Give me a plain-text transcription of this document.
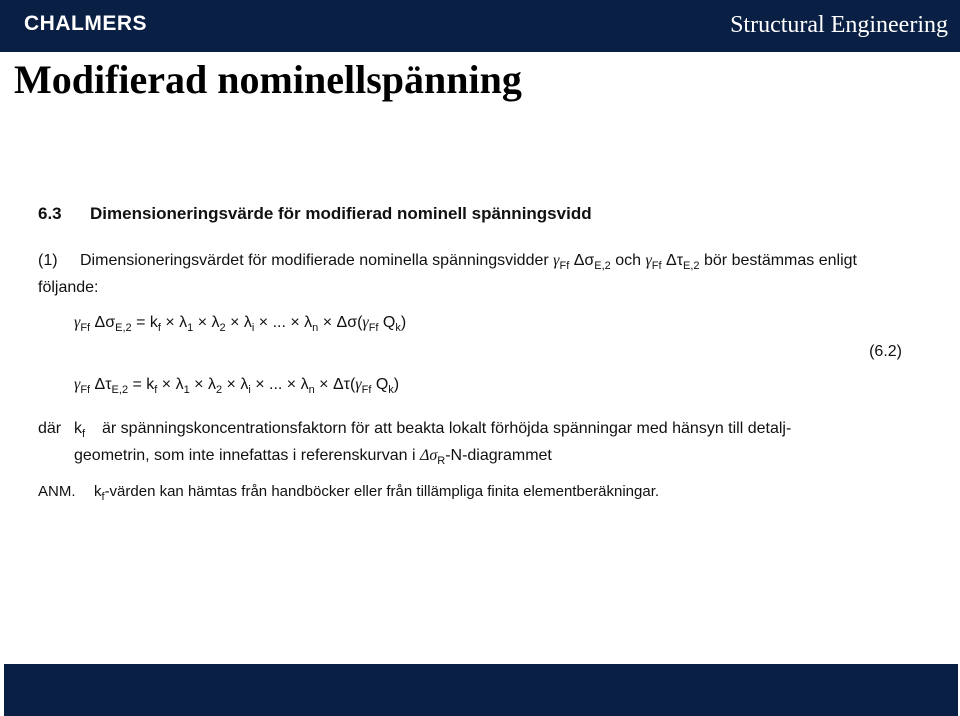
CHALMERS	Structural Engineering
Modifierad nominellspänning
6.3 Dimensioneringsvärde för modifierad nominell spänningsvidd
(1) Dimensioneringsvärdet för modifierade nominella spänningsvidder $\gamma_{Ff}$ $\Delta\sigma_{E,2}$ och $\gamma_{Ff}$ $\Delta\tau_{E,2}$ bör bestämmas enligt följande:
$\gamma_{Ff}$ $\Delta\sigma_{E,2} = k_f \times \lambda_1 \times \lambda_2 \times \lambda_i$ × ... × $\lambda_n \times \Delta\sigma(\gamma_{Ff}$ $Q_k$)
(6.2)
$\gamma_{Ff}$ $\Delta\tau_{E,2} = k_f \times \lambda_1 \times \lambda_2 \times \lambda_i$ × ... × $\lambda_n \times \Delta\tau(\gamma_{Ff}$ $Q_k$)
där $k_f$ är spänningskoncentrationsfaktorn för att beakta lokalt förhöjda spänningar med hänsyn till detalj-
geometrin, som inte innefattas i referenskurvan i $\Delta\sigma_R-N$-diagrammet
ANM. $k_f$-värden kan hämtas från handböcker eller från tillämpliga finita elementberäkningar.
